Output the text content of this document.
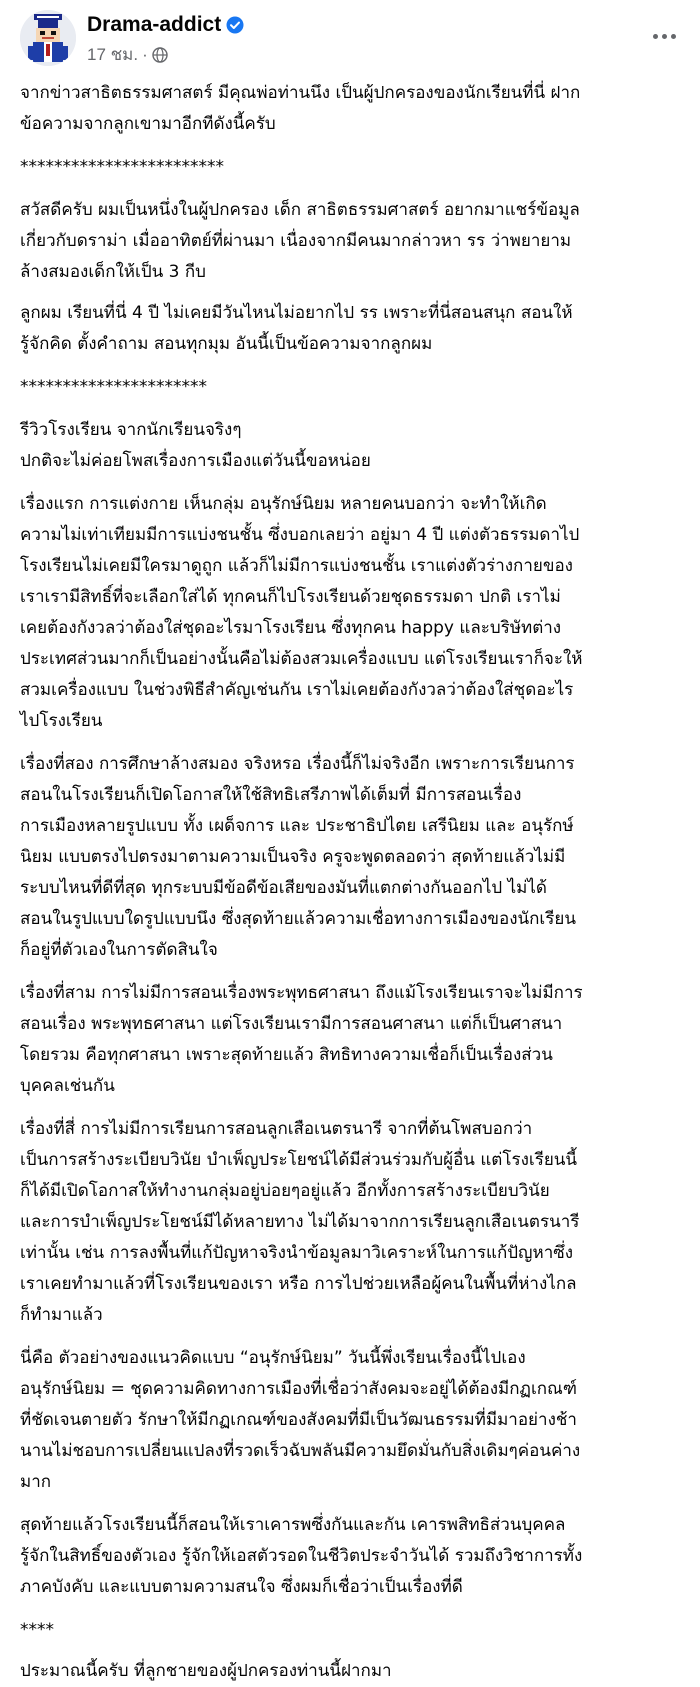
Drama-addict
17 ชม. ·

จากข่าวสาธิตธรรมศาสตร์ มีคุณพ่อท่านนึง เป็นผู้ปกครองของนักเรียนที่นี่ ฝาก
ข้อความจากลูกเขามาอีกทีดังนี้ครับ

************************

สวัสดีครับ ผมเป็นหนึ่งในผู้ปกครอง เด็ก สาธิตธรรมศาสตร์ อยากมาแชร์ข้อมูล
เกี่ยวกับดราม่า เมื่ออาทิตย์ที่ผ่านมา เนื่องจากมีคนมากล่าวหา รร ว่าพยายาม
ล้างสมองเด็กให้เป็น 3 กีบ

ลูกผม เรียนที่นี่ 4 ปี ไม่เคยมีวันไหนไม่อยากไป รร เพราะที่นี่สอนสนุก สอนให้
รู้จักคิด ตั้งคำถาม สอนทุกมุม อันนี้เป็นข้อความจากลูกผม

**********************

รีวิวโรงเรียน จากนักเรียนจริงๆ
ปกติจะไม่ค่อยโพสเรื่องการเมืองแต่วันนี้ขอหน่อย

เรื่องแรก การแต่งกาย เห็นกลุ่ม อนุรักษ์นิยม หลายคนบอกว่า จะทำให้เกิด
ความไม่เท่าเทียมมีการแบ่งชนชั้น ซึ่งบอกเลยว่า อยู่มา 4 ปี แต่งตัวธรรมดาไป
โรงเรียนไม่เคยมีใครมาดูถูก แล้วก็ไม่มีการแบ่งชนชั้น เราแต่งตัวร่างกายของ
เราเรามีสิทธิ์ที่จะเลือกใส่ได้ ทุกคนก็ไปโรงเรียนด้วยชุดธรรมดา ปกติ เราไม่
เคยต้องกังวลว่าต้องใส่ชุดอะไรมาโรงเรียน ซึ่งทุกคน happy และบริษัทต่าง
ประเทศส่วนมากก็เป็นอย่างนั้นคือไม่ต้องสวมเครื่องแบบ แต่โรงเรียนเราก็จะให้
สวมเครื่องแบบ ในช่วงพิธีสำคัญเช่นกัน เราไม่เคยต้องกังวลว่าต้องใส่ชุดอะไร
ไปโรงเรียน

เรื่องที่สอง การศึกษาล้างสมอง จริงหรอ เรื่องนี้ก็ไม่จริงอีก เพราะการเรียนการ
สอนในโรงเรียนก็เปิดโอกาสให้ใช้สิทธิเสรีภาพได้เต็มที่ มีการสอนเรื่อง
การเมืองหลายรูปแบบ ทั้ง เผด็จการ และ ประชาธิปไตย เสรีนิยม และ อนุรักษ์
นิยม แบบตรงไปตรงมาตามความเป็นจริง ครูจะพูดตลอดว่า สุดท้ายแล้วไม่มี
ระบบไหนที่ดีที่สุด ทุกระบบมีข้อดีข้อเสียของมันที่แตกต่างกันออกไป ไม่ได้
สอนในรูปแบบใดรูปแบบนึง ซึ่งสุดท้ายแล้วความเชื่อทางการเมืองของนักเรียน
ก็อยู่ที่ตัวเองในการตัดสินใจ

เรื่องที่สาม การไม่มีการสอนเรื่องพระพุทธศาสนา ถึงแม้โรงเรียนเราจะไม่มีการ
สอนเรื่อง พระพุทธศาสนา แต่โรงเรียนเรามีการสอนศาสนา แต่ก็เป็นศาสนา
โดยรวม คือทุกศาสนา เพราะสุดท้ายแล้ว สิทธิทางความเชื่อก็เป็นเรื่องส่วน
บุคคลเช่นกัน

เรื่องที่สี่ การไม่มีการเรียนการสอนลูกเสือเนตรนารี จากที่ต้นโพสบอกว่า
เป็นการสร้างระเบียบวินัย บำเพ็ญประโยชน์ได้มีส่วนร่วมกับผู้อื่น แต่โรงเรียนนี้
ก็ได้มีเปิดโอกาสให้ทำงานกลุ่มอยู่บ่อยๆอยู่แล้ว อีกทั้งการสร้างระเบียบวินัย
และการบำเพ็ญประโยชน์มีได้หลายทาง ไม่ได้มาจากการเรียนลูกเสือเนตรนารี
เท่านั้น เช่น การลงพื้นที่แก้ปัญหาจริงนำข้อมูลมาวิเคราะห์ในการแก้ปัญหาซึ่ง
เราเคยทำมาแล้วที่โรงเรียนของเรา หรือ การไปช่วยเหลือผู้คนในพื้นที่ห่างไกล
ก็ทำมาแล้ว

นี่คือ ตัวอย่างของแนวคิดแบบ “อนุรักษ์นิยม” วันนี้พึ่งเรียนเรื่องนี้ไปเอง
อนุรักษ์นิยม = ชุดความคิดทางการเมืองที่เชื่อว่าสังคมจะอยู่ได้ต้องมีกฏเกณฑ์
ที่ชัดเจนตายตัว รักษาให้มีกฏเกณฑ์ของสังคมที่มีเป็นวัฒนธรรมที่มีมาอย่างช้า
นานไม่ชอบการเปลี่ยนแปลงที่รวดเร็วฉับพลันมีความยึดมั่นกับสิ่งเดิมๆค่อนค่าง
มาก

สุดท้ายแล้วโรงเรียนนี้ก็สอนให้เราเคารพซึ่งกันและกัน เคารพสิทธิส่วนบุคคล
รู้จักในสิทธิ์ของตัวเอง รู้จักให้เอสตัวรอดในชีวิตประจำวันได้ รวมถึงวิชาการทั้ง
ภาคบังคับ และแบบตามความสนใจ ซึ่งผมก็เชื่อว่าเป็นเรื่องที่ดี

****

ประมาณนี้ครับ ที่ลูกชายของผู้ปกครองท่านนี้ฝากมา
